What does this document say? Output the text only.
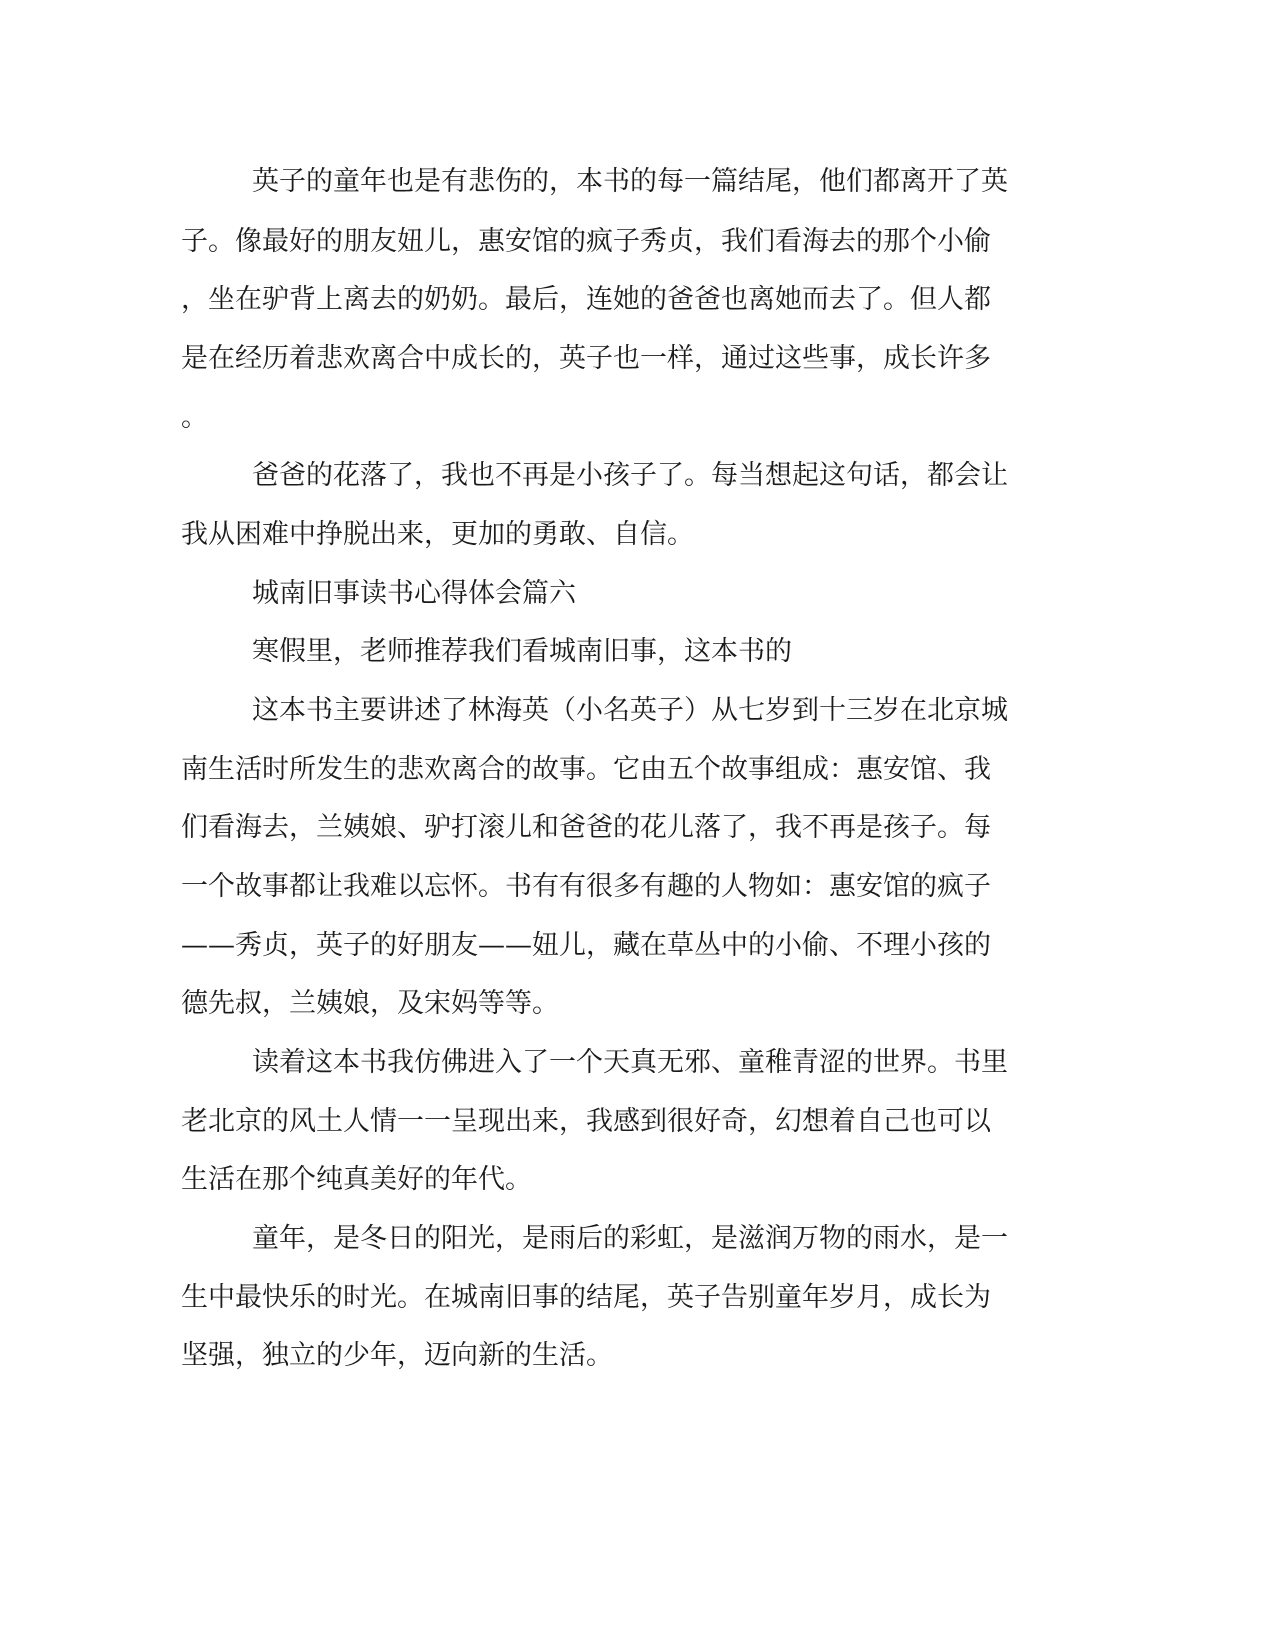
英子的童年也是有悲伤的，本书的每一篇结尾，他们都离开了英

子。像最好的朋友妞儿，惠安馆的疯子秀贞，我们看海去的那个小偷

，坐在驴背上离去的奶奶。最后，连她的爸爸也离她而去了。但人都

是在经历着悲欢离合中成长的，英子也一样，通过这些事，成长许多

。

爸爸的花落了，我也不再是小孩子了。每当想起这句话，都会让

我从困难中挣脱出来，更加的勇敢、自信。

城南旧事读书心得体会篇六

寒假里，老师推荐我们看城南旧事，这本书的

这本书主要讲述了林海英（小名英子）从七岁到十三岁在北京城

南生活时所发生的悲欢离合的故事。它由五个故事组成：惠安馆、我

们看海去，兰姨娘、驴打滚儿和爸爸的花儿落了，我不再是孩子。每

一个故事都让我难以忘怀。书有有很多有趣的人物如：惠安馆的疯子

——秀贞，英子的好朋友——妞儿，藏在草丛中的小偷、不理小孩的

德先叔，兰姨娘，及宋妈等等。

读着这本书我仿佛进入了一个天真无邪、童稚青涩的世界。书里

老北京的风土人情一一呈现出来，我感到很好奇，幻想着自己也可以

生活在那个纯真美好的年代。

童年，是冬日的阳光，是雨后的彩虹，是滋润万物的雨水，是一

生中最快乐的时光。在城南旧事的结尾，英子告别童年岁月，成长为

坚强，独立的少年，迈向新的生活。
